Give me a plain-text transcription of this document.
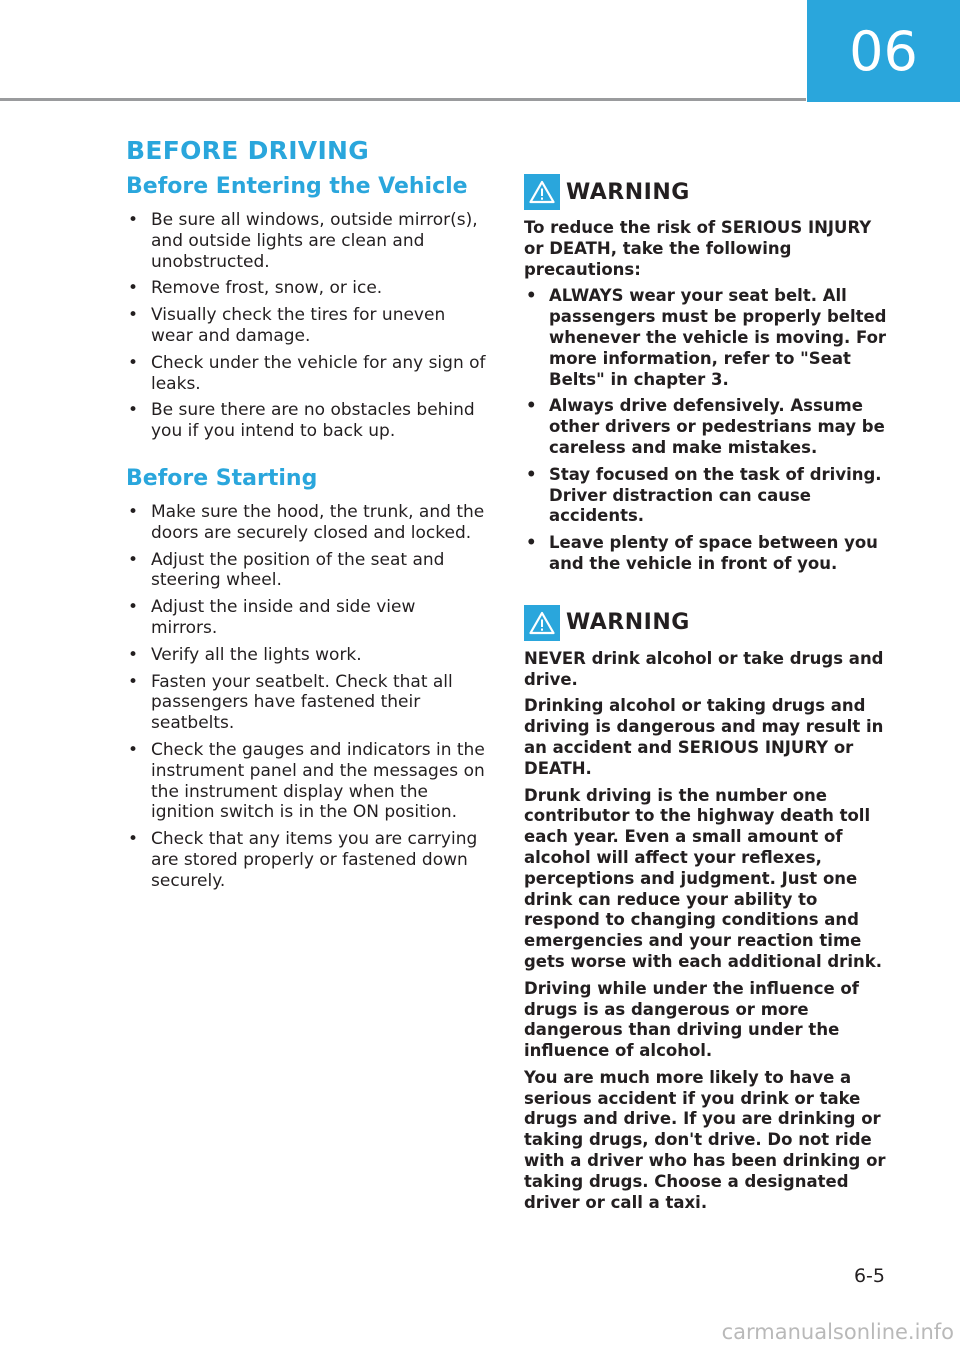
06
BEFORE DRIVING
Before Entering the Vehicle
• Be sure all windows, outside mirror(s), and outside lights are clean and unobstructed.
• Remove frost, snow, or ice.
• Visually check the tires for uneven wear and damage.
• Check under the vehicle for any sign of leaks.
• Be sure there are no obstacles behind you if you intend to back up.
Before Starting
• Make sure the hood, the trunk, and the doors are securely closed and locked.
• Adjust the position of the seat and steering wheel.
• Adjust the inside and side view mirrors.
• Verify all the lights work.
• Fasten your seatbelt. Check that all passengers have fastened their seatbelts.
• Check the gauges and indicators in the instrument panel and the messages on the instrument display when the ignition switch is in the ON position.
• Check that any items you are carrying are stored properly or fastened down securely.
WARNING

To reduce the risk of SERIOUS INJURY or DEATH, take the following precautions:

• ALWAYS wear your seat belt. All passengers must be properly belted whenever the vehicle is moving. For more information, refer to "Seat Belts" in chapter 3.
• Always drive defensively. Assume other drivers or pedestrians may be careless and make mistakes.
• Stay focused on the task of driving. Driver distraction can cause accidents.
• Leave plenty of space between you and the vehicle in front of you.
WARNING

NEVER drink alcohol or take drugs and drive.

Drinking alcohol or taking drugs and driving is dangerous and may result in an accident and SERIOUS INJURY or DEATH.

Drunk driving is the number one contributor to the highway death toll each year. Even a small amount of alcohol will affect your reflexes, perceptions and judgment. Just one drink can reduce your ability to respond to changing conditions and emergencies and your reaction time gets worse with each additional drink.

Driving while under the influence of drugs is as dangerous or more dangerous than driving under the influence of alcohol.

You are much more likely to have a serious accident if you drink or take drugs and drive. If you are drinking or taking drugs, don't drive. Do not ride with a driver who has been drinking or taking drugs. Choose a designated driver or call a taxi.

6-5
carmanualsonline.info
